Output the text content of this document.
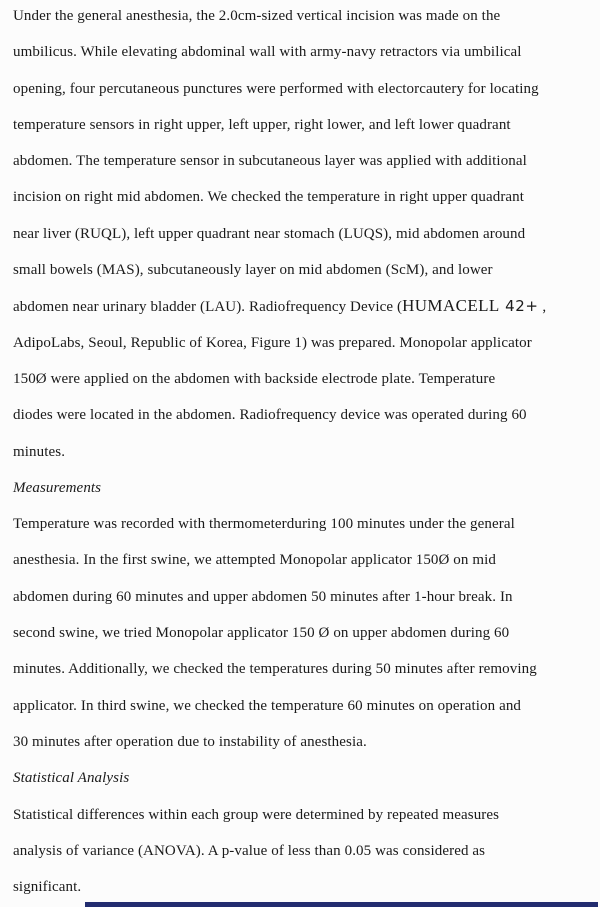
Under the general anesthesia, the 2.0cm-sized vertical incision was made on the
umbilicus. While elevating abdominal wall with army-navy retractors via umbilical
opening, four percutaneous punctures were performed with electorcautery for locating
temperature sensors in right upper, left upper, right lower, and left lower quadrant
abdomen. The temperature sensor in subcutaneous layer was applied with additional
incision on right mid abdomen. We checked the temperature in right upper quadrant
near liver (RUQL), left upper quadrant near stomach (LUQS), mid abdomen around
small bowels (MAS), subcutaneously layer on mid abdomen (ScM), and lower
abdomen near urinary bladder (LAU). Radiofrequency Device (HUMACELL 42+ ,
AdipoLabs, Seoul, Republic of Korea, Figure 1) was prepared. Monopolar applicator
150Ø were applied on the abdomen with backside electrode plate. Temperature
diodes were located in the abdomen. Radiofrequency device was operated during 60
minutes.
Measurements
Temperature was recorded with thermometerduring 100 minutes under the general
anesthesia. In the first swine, we attempted Monopolar applicator 150Ø on mid
abdomen during 60 minutes and upper abdomen 50 minutes after 1-hour break. In
second swine, we tried Monopolar applicator 150 Ø on upper abdomen during 60
minutes. Additionally, we checked the temperatures during 50 minutes after removing
applicator. In third swine, we checked the temperature 60 minutes on operation and
30 minutes after operation due to instability of anesthesia.
Statistical Analysis
Statistical differences within each group were determined by repeated measures
analysis of variance (ANOVA). A p-value of less than 0.05 was considered as
significant.
